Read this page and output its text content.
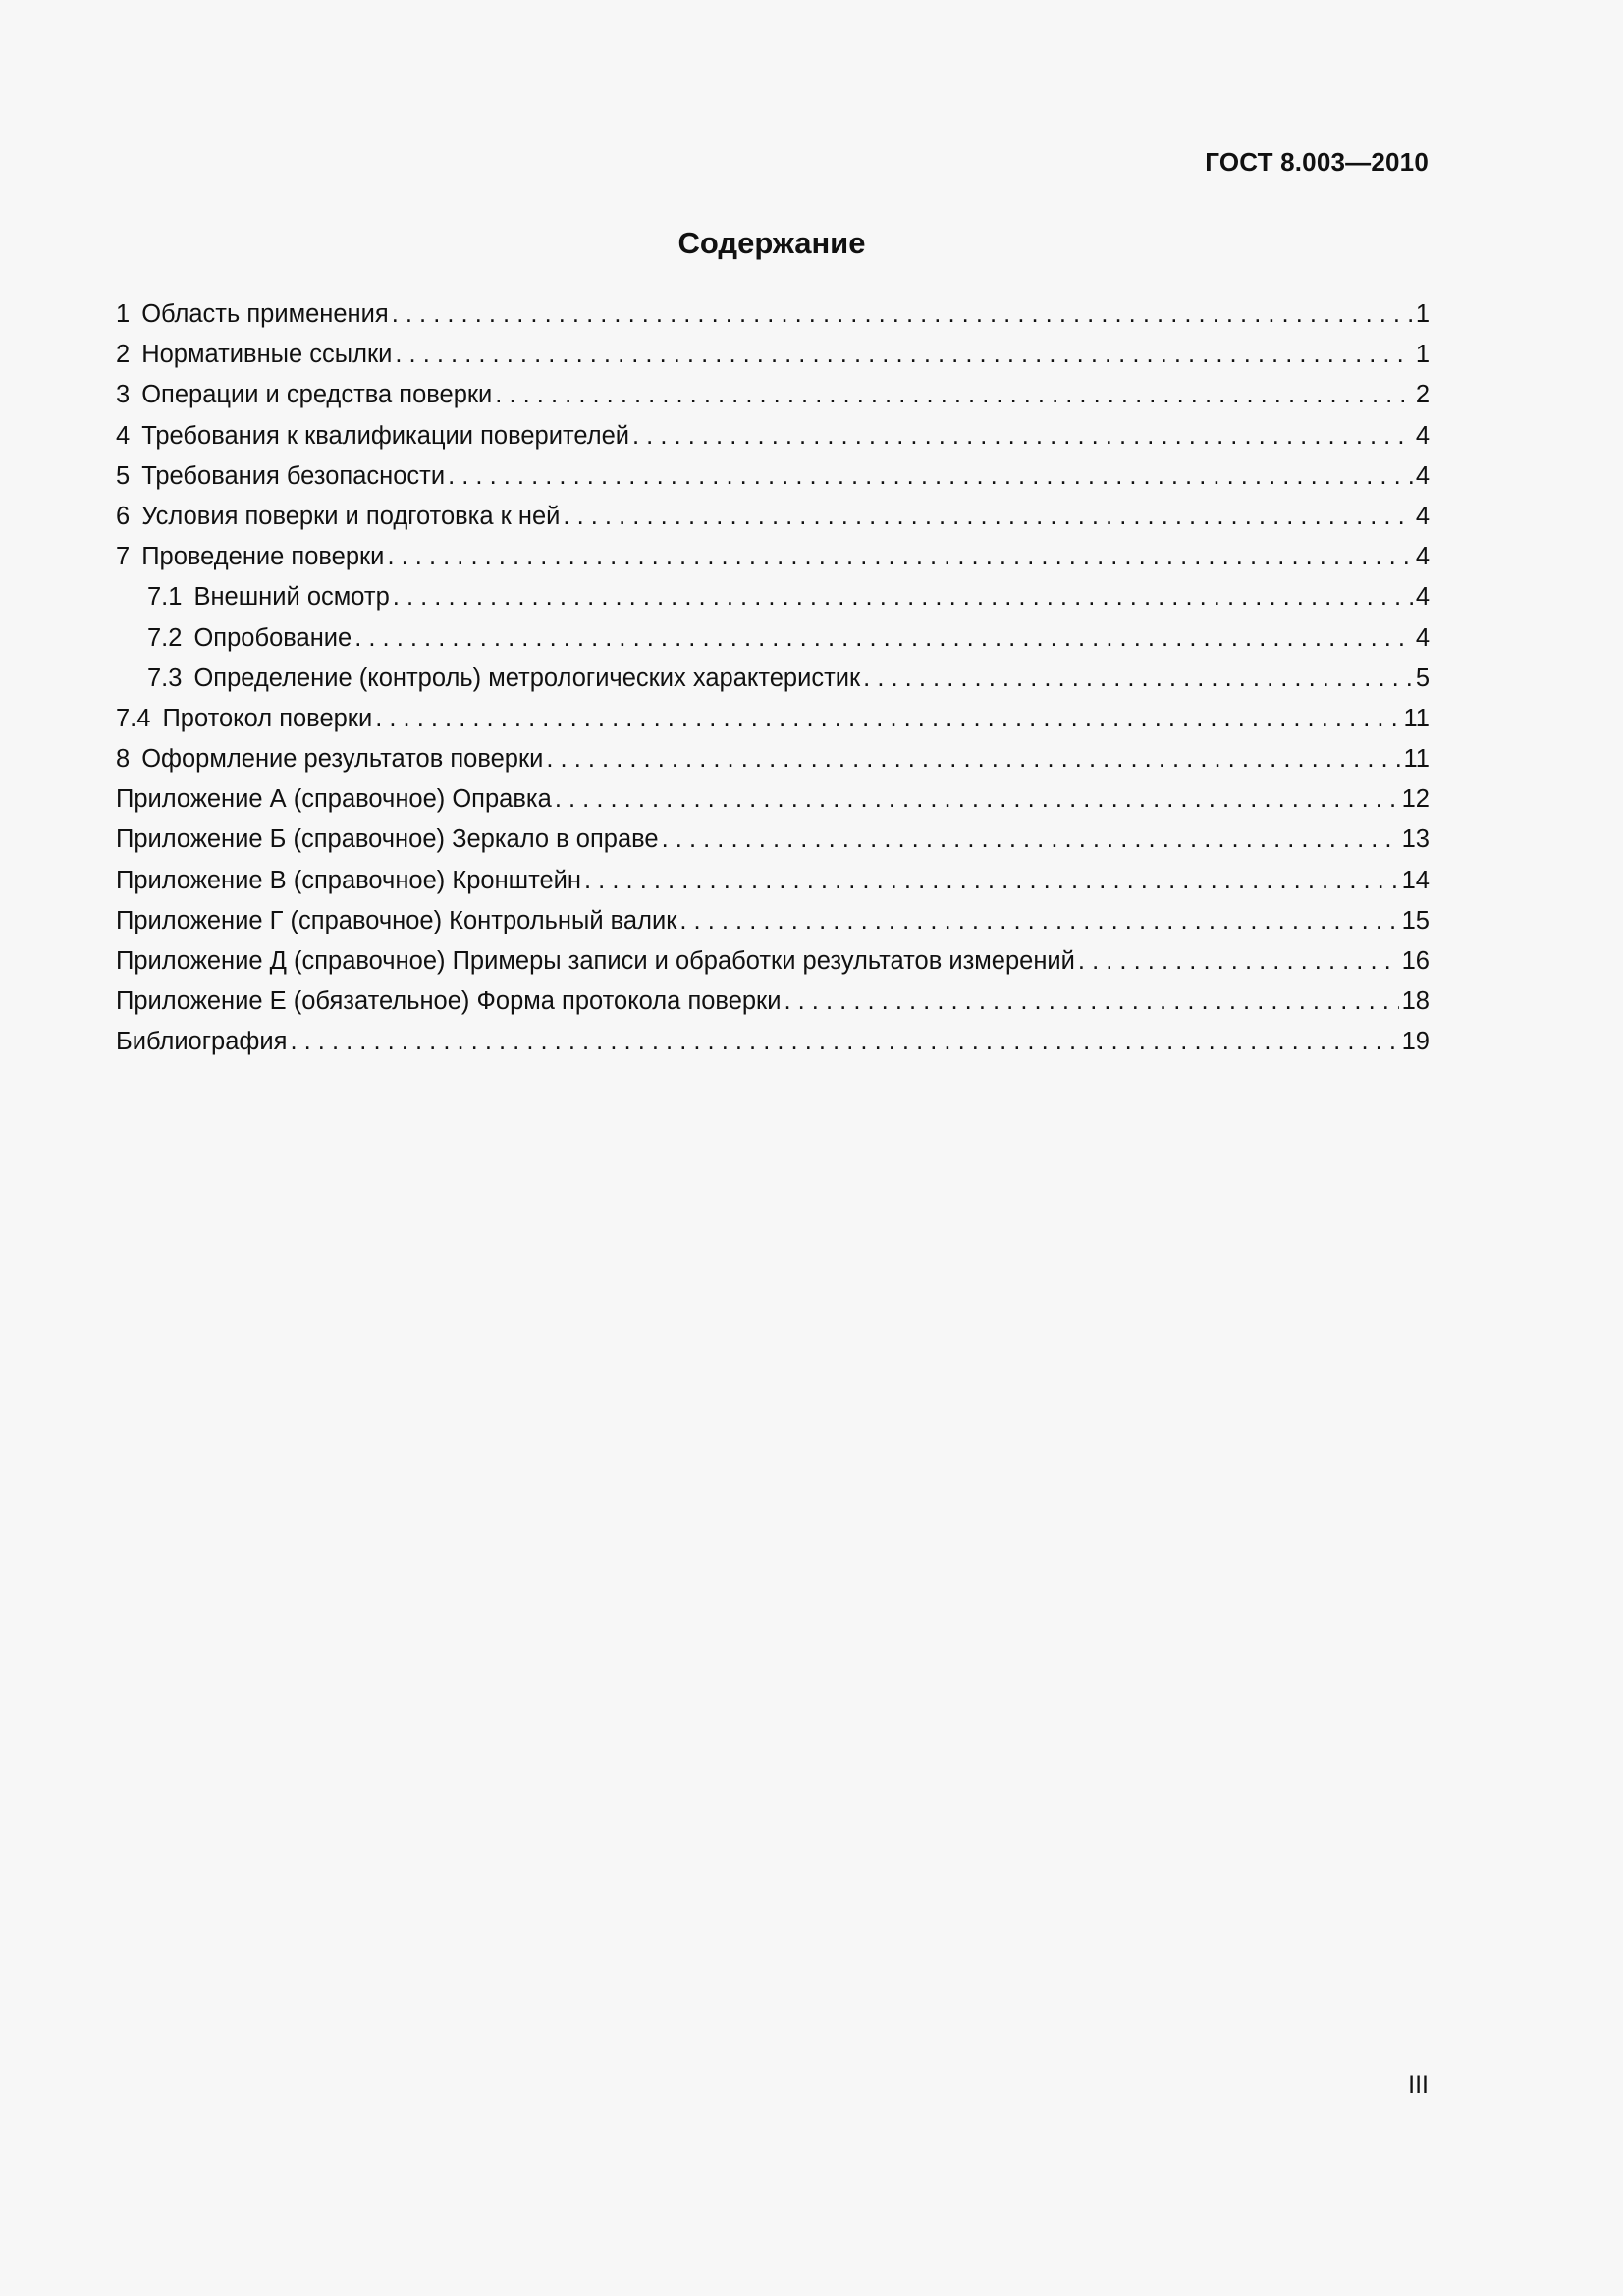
ГОСТ 8.003—2010
Содержание
1 Область применения . . .	1
2 Нормативные ссылки . . .	1
3 Операции и средства поверки . . .	2
4 Требования к квалификации поверителей . . .	4
5 Требования безопасности . . .	4
6 Условия поверки и подготовка к ней . . .	4
7 Проведение поверки . . .	4
7.1 Внешний осмотр . . .	4
7.2 Опробование . . .	4
7.3 Определение (контроль) метрологических характеристик . . .	5
7.4 Протокол поверки . . .	11
8 Оформление результатов поверки . . .	11
Приложение А (справочное) Оправка . . .	12
Приложение Б (справочное) Зеркало в оправе . . .	13
Приложение В (справочное) Кронштейн . . .	14
Приложение Г (справочное) Контрольный валик . . .	15
Приложение Д (справочное) Примеры записи и обработки результатов измерений . . .	16
Приложение Е (обязательное) Форма протокола поверки . . .	18
Библиография . . .	19
III
